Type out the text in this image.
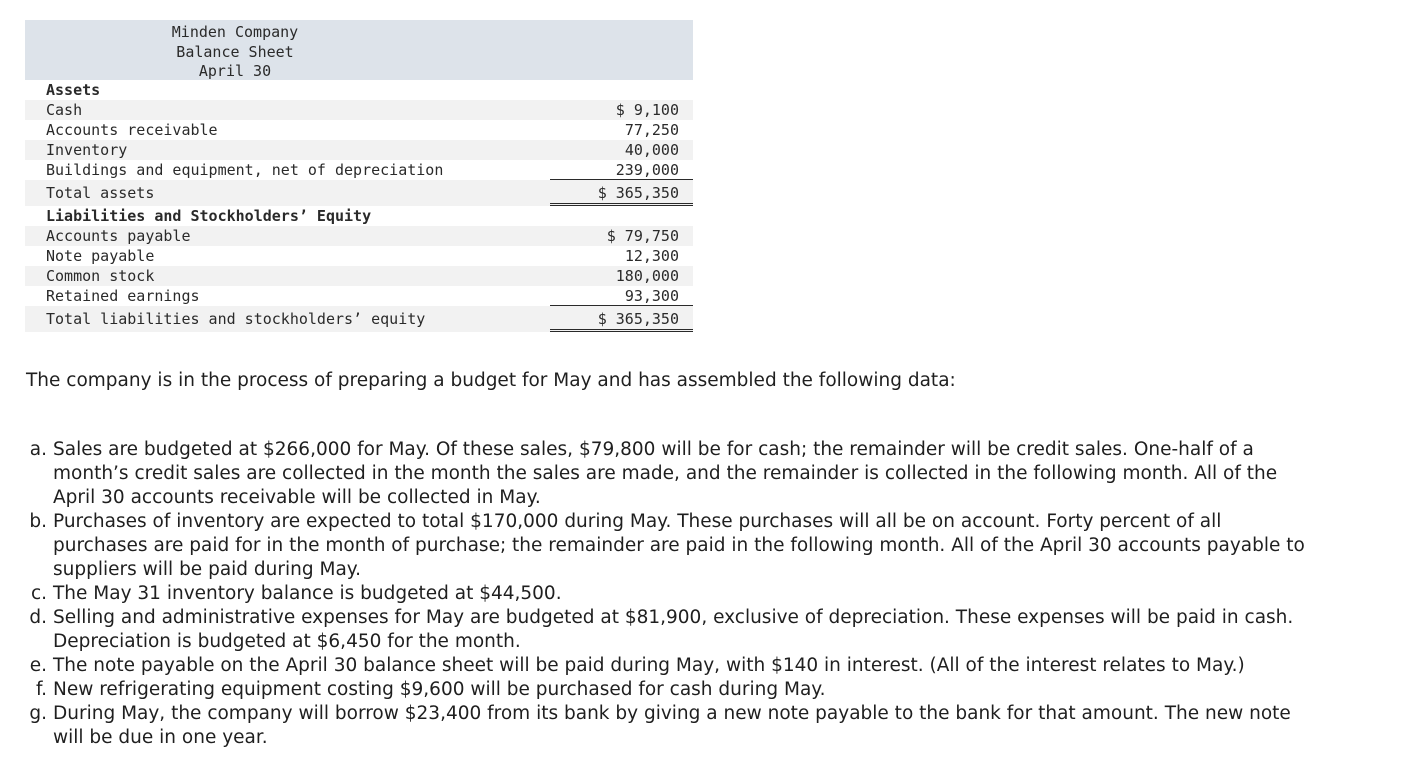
Minden Company
Balance Sheet
April 30
Assets
Cash	$ 9,100
Accounts receivable	77,250
Inventory	40,000
Buildings and equipment, net of depreciation	239,000
Total assets	$ 365,350
Liabilities and Stockholders’ Equity
Accounts payable	$ 79,750
Note payable	12,300
Common stock	180,000
Retained earnings	93,300
Total liabilities and stockholders’ equity	$ 365,350

The company is in the process of preparing a budget for May and has assembled the following data:

a. Sales are budgeted at $266,000 for May. Of these sales, $79,800 will be for cash; the remainder will be credit sales. One-half of a month’s credit sales are collected in the month the sales are made, and the remainder is collected in the following month. All of the April 30 accounts receivable will be collected in May.
b. Purchases of inventory are expected to total $170,000 during May. These purchases will all be on account. Forty percent of all purchases are paid for in the month of purchase; the remainder are paid in the following month. All of the April 30 accounts payable to suppliers will be paid during May.
c. The May 31 inventory balance is budgeted at $44,500.
d. Selling and administrative expenses for May are budgeted at $81,900, exclusive of depreciation. These expenses will be paid in cash. Depreciation is budgeted at $6,450 for the month.
e. The note payable on the April 30 balance sheet will be paid during May, with $140 in interest. (All of the interest relates to May.)
f. New refrigerating equipment costing $9,600 will be purchased for cash during May.
g. During May, the company will borrow $23,400 from its bank by giving a new note payable to the bank for that amount. The new note will be due in one year.
